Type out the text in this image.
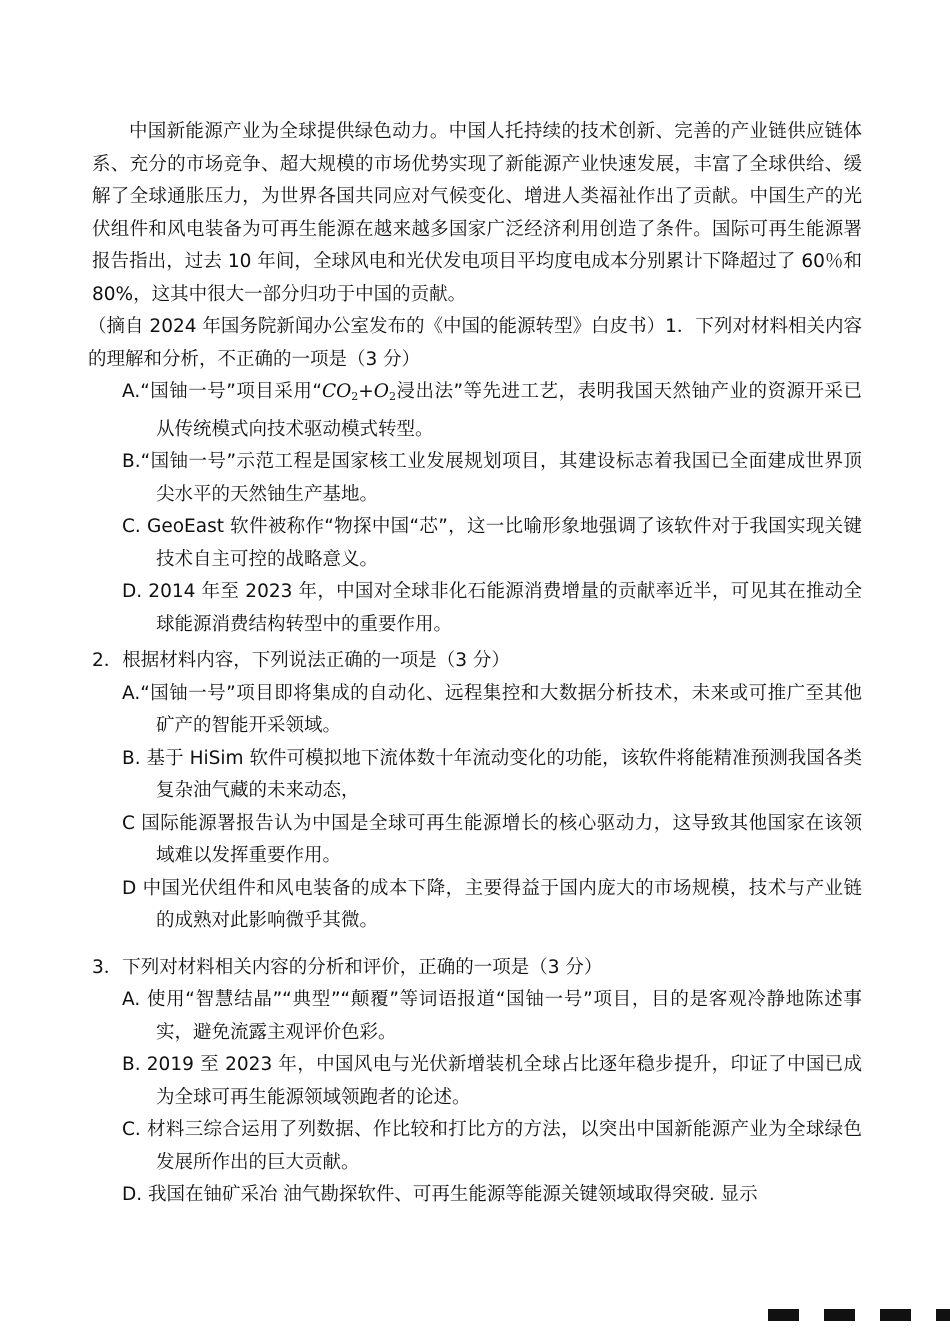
中国新能源产业为全球提供绿色动力。中国人托持续的技术创新、完善的产业链供应链体系、充分的市场竞争、超大规模的市场优势实现了新能源产业快速发展，丰富了全球供给、缓解了全球通胀压力，为世界各国共同应对气候变化、增进人类福祉作出了贡献。中国生产的光伏组件和风电装备为可再生能源在越来越多国家广泛经济利用创造了条件。国际可再生能源署报告指出，过去 10 年间，全球风电和光伏发电项目平均度电成本分别累计下降超过了 60％和 80%，这其中很大一部分归功于中国的贡献。

（摘自 2024 年国务院新闻办公室发布的《中国的能源转型》白皮书）1．下列对材料相关内容的理解和分析，不正确的一项是（3 分）

A.“国铀一号”项目采用“$CO_2+O_2$浸出法”等先进工艺，表明我国天然铀产业的资源开采已从传统模式向技术驱动模式转型。

B.“国铀一号”示范工程是国家核工业发展规划项目，其建设标志着我国已全面建成世界顶尖水平的天然铀生产基地。

C. GeoEast 软件被称作“物探中国“芯”，这一比喻形象地强调了该软件对于我国实现关键技术自主可控的战略意义。

D. 2014 年至 2023 年，中国对全球非化石能源消费增量的贡献率近半，可见其在推动全球能源消费结构转型中的重要作用。

2．根据材料内容，下列说法正确的一项是（3 分）

A.“国铀一号”项目即将集成的自动化、远程集控和大数据分析技术，未来或可推广至其他矿产的智能开采领域。

B. 基于 HiSim 软件可模拟地下流体数十年流动变化的功能，该软件将能精准预测我国各类复杂油气藏的未来动态，

C 国际能源署报告认为中国是全球可再生能源增长的核心驱动力，这导致其他国家在该领域难以发挥重要作用。

D 中国光伏组件和风电装备的成本下降，主要得益于国内庞大的市场规模，技术与产业链的成熟对此影响微乎其微。

3．下列对材料相关内容的分析和评价，正确的一项是（3 分）

A. 使用“智慧结晶”“典型”“颠覆”等词语报道“国铀一号”项目，目的是客观冷静地陈述事实，避免流露主观评价色彩。

B. 2019 至 2023 年，中国风电与光伏新增装机全球占比逐年稳步提升，印证了中国已成为全球可再生能源领域领跑者的论述。

C. 材料三综合运用了列数据、作比较和打比方的方法，以突出中国新能源产业为全球绿色发展所作出的巨大贡献。

D. 我国在铀矿采冶 油气勘探软件、可再生能源等能源关键领域取得突破. 显示
